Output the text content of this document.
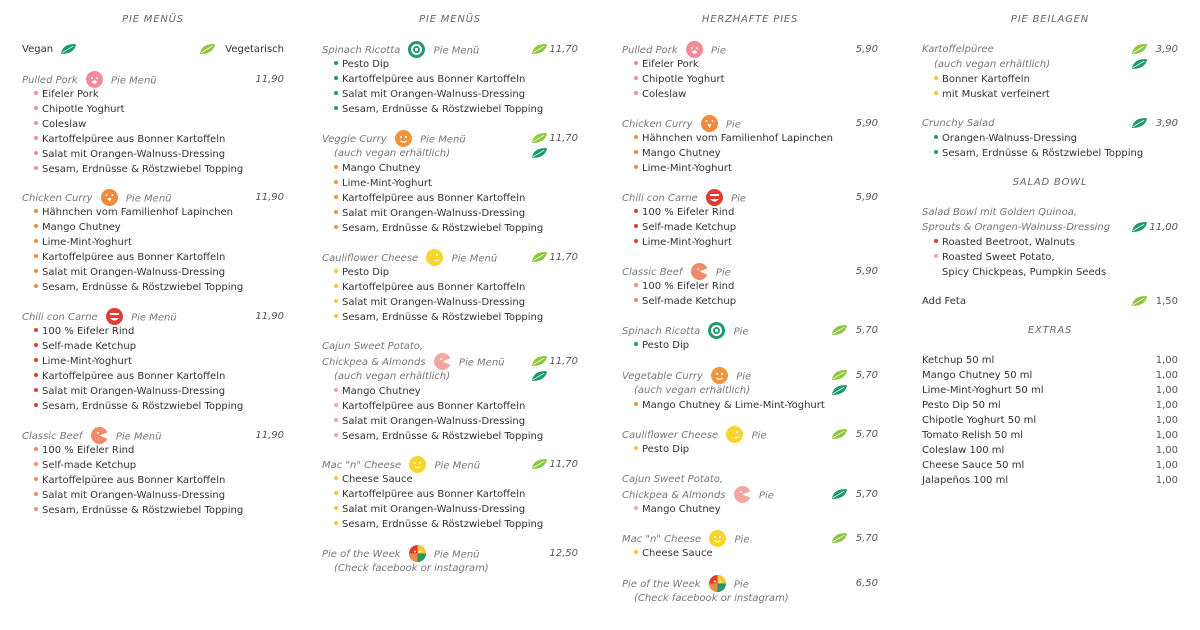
PIE MENÜS
Vegan	Vegetarisch
Pulled Pork	Pie Menü	11,90
Eifeler Pork
Chipotle Yoghurt
Coleslaw
Kartoffelpüree aus Bonner Kartoffeln
Salat mit Orangen-Walnuss-Dressing
Sesam, Erdnüsse & Röstzwiebel Topping
Chicken Curry	Pie Menü	11,90
Hähnchen vom Familienhof Lapinchen
Mango Chutney
Lime-Mint-Yoghurt
Kartoffelpüree aus Bonner Kartoffeln
Salat mit Orangen-Walnuss-Dressing
Sesam, Erdnüsse & Röstzwiebel Topping
Chili con Carne	Pie Menü	11,90
100 % Eifeler Rind
Self-made Ketchup
Lime-Mint-Yoghurt
Kartoffelpüree aus Bonner Kartoffeln
Salat mit Orangen-Walnuss-Dressing
Sesam, Erdnüsse & Röstzwiebel Topping
Classic Beef	Pie Menü	11,90
100 % Eifeler Rind
Self-made Ketchup
Kartoffelpüree aus Bonner Kartoffeln
Salat mit Orangen-Walnuss-Dressing
Sesam, Erdnüsse & Röstzwiebel Topping
PIE MENÜS
Spinach Ricotta	Pie Menü	11,70
Pesto Dip
Kartoffelpüree aus Bonner Kartoffeln
Salat mit Orangen-Walnuss-Dressing
Sesam, Erdnüsse & Röstzwiebel Topping
Veggie Curry	Pie Menü	11,70
(auch vegan erhältlich)
Mango Chutney
Lime-Mint-Yoghurt
Kartoffelpüree aus Bonner Kartoffeln
Salat mit Orangen-Walnuss-Dressing
Sesam, Erdnüsse & Röstzwiebel Topping
Cauliflower Cheese	Pie Menü	11,70
Pesto Dip
Kartoffelpüree aus Bonner Kartoffeln
Salat mit Orangen-Walnuss-Dressing
Sesam, Erdnüsse & Röstzwiebel Topping
Cajun Sweet Potato,
Chickpea & Almonds	Pie Menü	11,70
(auch vegan erhältlich)
Mango Chutney
Kartoffelpüree aus Bonner Kartoffeln
Salat mit Orangen-Walnuss-Dressing
Sesam, Erdnüsse & Röstzwiebel Topping
Mac "n" Cheese	Pie Menü	11,70
Cheese Sauce
Kartoffelpüree aus Bonner Kartoffeln
Salat mit Orangen-Walnuss-Dressing
Sesam, Erdnüsse & Röstzwiebel Topping
Pie of the Week	Pie Menü	12,50
(Check facebook or instagram)
HERZHAFTE PIES
Pulled Pork	Pie	5,90
Eifeler Pork
Chipotle Yoghurt
Coleslaw
Chicken Curry	Pie	5,90
Hähnchen vom Familienhof Lapinchen
Mango Chutney
Lime-Mint-Yoghurt
Chili con Carne	Pie	5,90
100 % Eifeler Rind
Self-made Ketchup
Lime-Mint-Yoghurt
Classic Beef	Pie	5,90
100 % Eifeler Rind
Self-made Ketchup
Spinach Ricotta	Pie	5,70
Pesto Dip
Vegetable Curry	Pie	5,70
(auch vegan erhältlich)
Mango Chutney & Lime-Mint-Yoghurt
Cauliflower Cheese	Pie	5,70
Pesto Dip
Cajun Sweet Potato,
Chickpea & Almonds	Pie	5,70
Mango Chutney
Mac "n" Cheese	Pie	5,70
Cheese Sauce
Pie of the Week	Pie	6,50
(Check facebook or instagram)
PIE BEILAGEN
Kartoffelpüree	3,90
(auch vegan erhältlich)
Bonner Kartoffeln
mit Muskat verfeinert
Crunchy Salad	3,90
Orangen-Walnuss-Dressing
Sesam, Erdnüsse & Röstzwiebel Topping
SALAD BOWL
Salad Bowl mit Golden Quinoa,
Sprouts & Orangen-Walnuss-Dressing	11,00
Roasted Beetroot, Walnuts
Roasted Sweet Potato,
Spicy Chickpeas, Pumpkin Seeds
Add Feta	1,50
EXTRAS
Ketchup 50 ml	1,00
Mango Chutney 50 ml	1,00
Lime-Mint-Yoghurt 50 ml	1,00
Pesto Dip 50 ml	1,00
Chipotle Yoghurt 50 ml	1,00
Tomato Relish 50 ml	1,00
Coleslaw 100 ml	1,00
Cheese Sauce 50 ml	1,00
Jalapeños 100 ml	1,00
